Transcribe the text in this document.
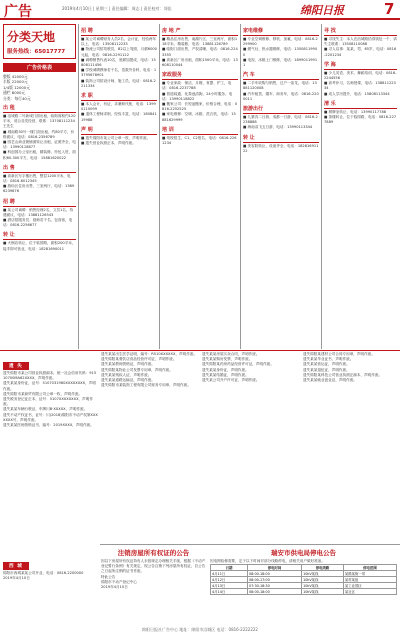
广告	2019年4月10日 | 星期三 | 责任编辑：周志 | 责任校对：刘佳	绵阳日报	7
分类天地
服务热线：65017777
广告价格表
整版 42000元
半版 22000元
1/4版 12000元
通栏 8000元
分类：每行40元
出 租
■ 涪城路二号新城门面出租，临街面积约120平米，适合各类经营，联系：13708111234 王先生
■ 城南路30号一楼门面出租，约80平方，价格面议，电话：0816-2356789
■ 园艺山商业街铺面转让出租，证照齐全，电话：13990118877
■ 科创园办公室出租，精装修，拎包入驻，面积60-300平方，电话：15881620022
出 售
■ 高新区写字楼出售，整层1200平米，电话：0816-6012345
■ 游仙区住房出售，三室两厅，电话：13696239876
招 聘
■ 某公司诚聘：销售经理2名，文员1名，待遇面议，电话：13881126543
■ 酒店招服务员、厨师若干名，包食宿，电话：0816-2256677
转 让
■ 火锅店转让，位于临园路，面积200平米，接手即可营业，电话：18281690011
招 聘
■ 某公司诚聘财务人员2名，会计证，经验两年以上，电话：13508112233
■ 物流公司招驾驶员，B2以上驾照，月薪6000元起，电话：0816-2291122
■ 诚聘销售代表10名，底薪加提成，电话：15808111456
■ 学校诚聘教师若干名，语数外各科，电话：13795678901
■ 装饰公司招设计师、施工员，电话：0816-2211334
求 职
■ 本人会计，有证，求兼职代账，电话：13990110099
■ 退休工程师求职，经验丰富，电话：18084119988
声 明
■ 遗失绵阳市某公司公章一枚，声明作废。
■ 遗失营业执照正本，声明作废。
房 地 产
■ 精品住房出售，南湖片区，三室两厅，面积118平米，精装修，电话：13881126789
■ 临街门面出售，产权清晰，电话：0816-2243355
■ 高新区厂房出租，面积1500平米，电话：13608110044
家政服务
■ 专业家政：保洁、月嫂、育婴、护工，电话：0816-2237788
■ 管道疏通、化粪池清掏，24小时服务，电话：13990118822
■ 搬家公司：长短途搬家，价格合理，电话：0816-2252525
■ 家电维修：空调、冰箱、洗衣机，电话：15881629999
培 训
■ 驾校招生，C1、C2报名，电话：0816-2261234
家电维修
■ 专业空调维修、移机、加氟，电话：0816-2299900
■ 燃气灶、热水器维修，电话：13508119900
■ 电视、冰箱上门维修，电话：18990119911
汽 车
■ 二手车收购与销售，过户一条龙，电话：13881120008
■ 汽车租赁，婚车、商务车，电话：0816-2200011
旅游出行
■ 九寨沟二日游、成都一日游，电话：0816-2238888
■ 海南双飞五日游，电话：13990113344
转 让
■ 美容院转让，设备齐全，电话：18281691122
寻 找
■ 寻找失主：本人在涪城路拾得钱包一个，请失主联系：13508110088
■ 寻人启事：某某，男，65岁，电话：0816-2201234
学 海
■ 少儿英语、美术、舞蹈培训，电话：0816-2244556
■ 高考补习，名师授课，电话：13881122334
■ 成人学历提升，电话：15808113344
清 乐
■ 棋牌室转让，电话：13990117788
■ 茶楼转让，位于临园路，电话：0816-2277889
遗 失
遗失绵阳市某公司营业执照副本，统一社会信用代码：91510700MA62XXXX，声明作废。
遗失某某身份证，证号：5107031980XXXXXXXX，声明作废。
遗失绵阳市某商贸有限公司公章一枚，声明作废。
遗失税务登记证正本，证号：5107XXXXXXXX，声明作废。
遗失某某车辆行驶证，车牌川B·XXXXX，声明作废。
遗失不动产权证书，证号：川(2018)绵阳市不动产权第XXXXXXX号，声明作废。
遗失某某医师资格证书，编号：2019XXXX，声明作废。
遗失某某出生医学证明，编号：R510XXXXXX，声明作废。
遗失绵阳某餐饮店食品经营许可证，声明作废。
遗失某某教师资格证，声明作废。
遗失绵阳某物业公司发票专用章，声明作废。
遗失某某残疾人证，声明作废。
遗失某某道路运输证，声明作废。
遗失绵阳市某装饰工程有限公司财务专用章，声明作废。
遗失某某房屋买卖合同，声明作废。
遗失某某购房发票，声明作废。
遗失绵阳某药房药品经营许可证，声明作废。
遗失某某身份证，声明作废。
遗失某某结婚证，声明作废。
遗失某公司开户许可证，声明作废。
遗失绵阳某建材公司合同专用章，声明作废。
遗失某某毕业证书，声明作废。
遗失某某营运证，声明作废。
遗失某某退伍证，声明作废。
遗失绵阳某科技公司营业执照正副本，声明作废。
遗失某某就业创业证，声明作废。
西 城
绵阳市西城某某公司开业，电话：0816-2200000
2019年4月10日
注销房屋所有权证的公告
因以下房屋所有权证持有人未按规定办理相关手续，根据《不动产登记暂行条例》有关规定，现公告注销下列房屋所有权证，自公告之日起所注销的证书作废。
特此公告
绵阳市不动产登记中心
2019年4月10日
瑞安市供电局停电公告
因电网检修需要，定于以下时间对部分线路停电，请相关用户做好准备。
日期	停电时间	停电线路	停电范围
4月11日	08:00-18:00	10kV某线	某路某街一带
4月12日	08:00-17:00	10kV某线	某村某组
4月13日	07:30-18:30	10kV某线	某工业园区
4月14日	08:00-18:00	10kV某线	某社区
绵阳日报社广告中心 地址：绵阳市涪城区 电话：0816-2222222
